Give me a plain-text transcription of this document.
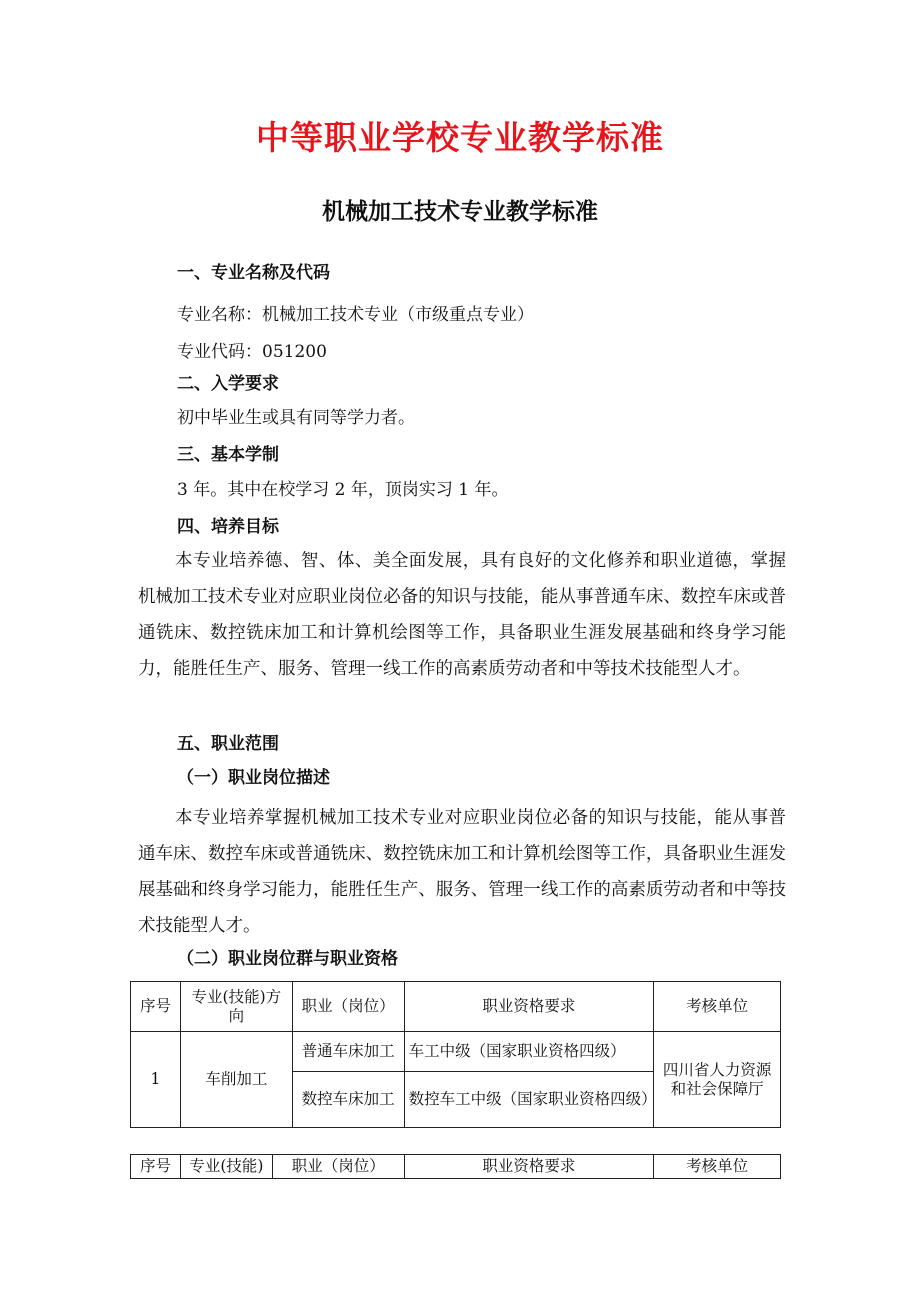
中等职业学校专业教学标准
机械加工技术专业教学标准
一、专业名称及代码
专业名称：机械加工技术专业（市级重点专业）
专业代码：051200
二、入学要求
初中毕业生或具有同等学力者。
三、基本学制
3 年。其中在校学习 2 年，顶岗实习 1 年。
四、培养目标
本专业培养德、智、体、美全面发展，具有良好的文化修养和职业道德，掌握机械加工技术专业对应职业岗位必备的知识与技能，能从事普通车床、数控车床或普通铣床、数控铣床加工和计算机绘图等工作，具备职业生涯发展基础和终身学习能力，能胜任生产、服务、管理一线工作的高素质劳动者和中等技术技能型人才。
五、职业范围
（一）职业岗位描述
本专业培养掌握机械加工技术专业对应职业岗位必备的知识与技能，能从事普通车床、数控车床或普通铣床、数控铣床加工和计算机绘图等工作，具备职业生涯发展基础和终身学习能力，能胜任生产、服务、管理一线工作的高素质劳动者和中等技术技能型人才。
（二）职业岗位群与职业资格
序号	专业(技能)方向	职业（岗位）	职业资格要求	考核单位
1	车削加工	普通车床加工	车工中级（国家职业资格四级）	四川省人力资源和社会保障厅
		数控车床加工	数控车工中级（国家职业资格四级）	
序号	专业(技能)	职业（岗位）	职业资格要求	考核单位
